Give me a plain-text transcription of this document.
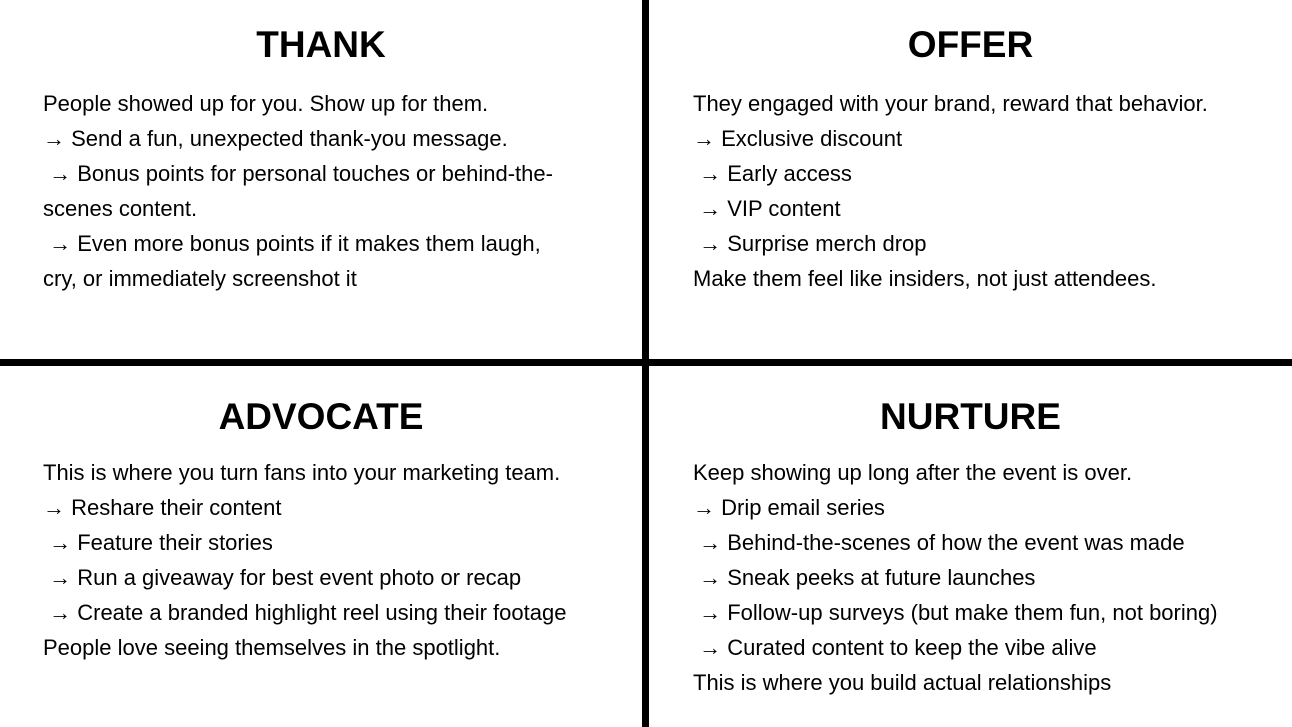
THANK

People showed up for you. Show up for them.

→ Send a fun, unexpected thank-you message.

→ Bonus points for personal touches or behind-the-

scenes content.

→ Even more bonus points if it makes them laugh,

cry, or immediately screenshot it

OFFER

They engaged with your brand, reward that behavior.

→ Exclusive discount

→ Early access

→ VIP content

→ Surprise merch drop

Make them feel like insiders, not just attendees.

ADVOCATE

This is where you turn fans into your marketing team.

→ Reshare their content

→ Feature their stories

→ Run a giveaway for best event photo or recap

→ Create a branded highlight reel using their footage

People love seeing themselves in the spotlight.

NURTURE

Keep showing up long after the event is over.

→ Drip email series

→ Behind-the-scenes of how the event was made

→ Sneak peeks at future launches

→ Follow-up surveys (but make them fun, not boring)

→ Curated content to keep the vibe alive

This is where you build actual relationships
